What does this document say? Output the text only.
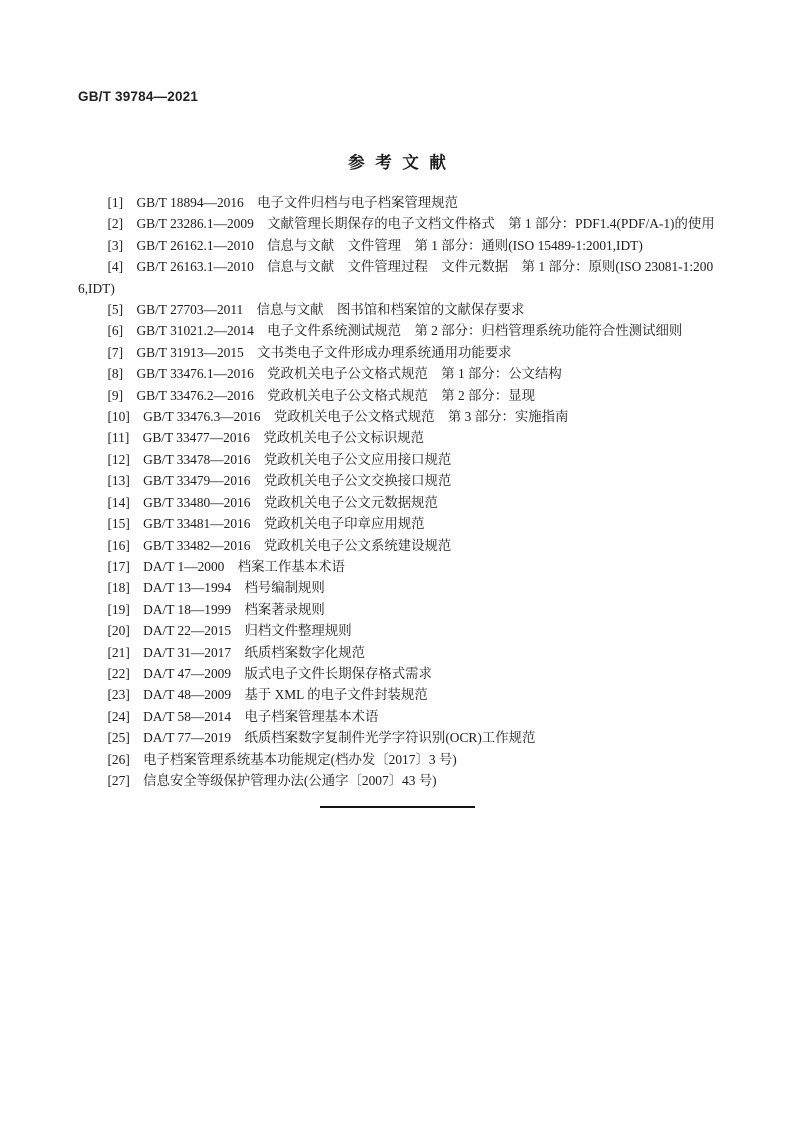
GB/T 39784—2021
参 考 文 献

[1]　GB/T 18894—2016　电子文件归档与电子档案管理规范

[2]　GB/T 23286.1—2009　文献管理长期保存的电子文档文件格式　第 1 部分：PDF1.4(PDF/A-1)的使用

[3]　GB/T 26162.1—2010　信息与文献　文件管理　第 1 部分：通则(ISO 15489-1:2001,IDT)

[4]　GB/T 26163.1—2010　信息与文献　文件管理过程　文件元数据　第 1 部分：原则(ISO 23081-1:2006,IDT)

[5]　GB/T 27703—2011　信息与文献　图书馆和档案馆的文献保存要求

[6]　GB/T 31021.2—2014　电子文件系统测试规范　第 2 部分：归档管理系统功能符合性测试细则

[7]　GB/T 31913—2015　文书类电子文件形成办理系统通用功能要求

[8]　GB/T 33476.1—2016　党政机关电子公文格式规范　第 1 部分：公文结构

[9]　GB/T 33476.2—2016　党政机关电子公文格式规范　第 2 部分：显现

[10]　GB/T 33476.3—2016　党政机关电子公文格式规范　第 3 部分：实施指南

[11]　GB/T 33477—2016　党政机关电子公文标识规范

[12]　GB/T 33478—2016　党政机关电子公文应用接口规范

[13]　GB/T 33479—2016　党政机关电子公文交换接口规范

[14]　GB/T 33480—2016　党政机关电子公文元数据规范

[15]　GB/T 33481—2016　党政机关电子印章应用规范

[16]　GB/T 33482—2016　党政机关电子公文系统建设规范

[17]　DA/T 1—2000　档案工作基本术语

[18]　DA/T 13—1994　档号编制规则

[19]　DA/T 18—1999　档案著录规则

[20]　DA/T 22—2015　归档文件整理规则

[21]　DA/T 31—2017　纸质档案数字化规范

[22]　DA/T 47—2009　版式电子文件长期保存格式需求

[23]　DA/T 48—2009　基于 XML 的电子文件封装规范

[24]　DA/T 58—2014　电子档案管理基本术语

[25]　DA/T 77—2019　纸质档案数字复制件光学字符识别(OCR)工作规范

[26]　电子档案管理系统基本功能规定(档办发〔2017〕3 号)

[27]　信息安全等级保护管理办法(公通字〔2007〕43 号)
